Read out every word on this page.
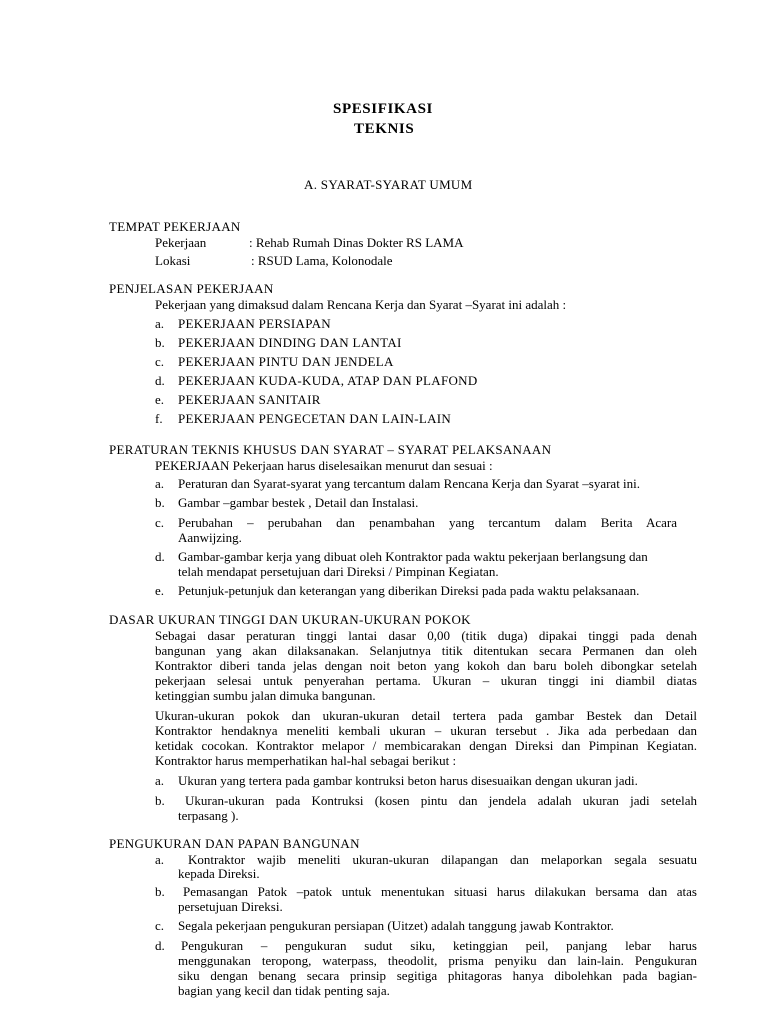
SPESIFIKASI
TEKNIS
A. SYARAT-SYARAT UMUM
TEMPAT PEKERJAAN
Pekerjaan	: Rehab Rumah Dinas Dokter RS LAMA
Lokasi	: RSUD Lama, Kolonodale
PENJELASAN PEKERJAAN
Pekerjaan yang dimaksud dalam Rencana Kerja dan Syarat –Syarat ini adalah :
a. PEKERJAAN PERSIAPAN
b. PEKERJAAN DINDING DAN LANTAI
c. PEKERJAAN PINTU DAN JENDELA
d. PEKERJAAN KUDA-KUDA, ATAP DAN PLAFOND
e. PEKERJAAN SANITAIR
f. PEKERJAAN PENGECETAN DAN LAIN-LAIN
PERATURAN TEKNIS KHUSUS DAN SYARAT – SYARAT PELAKSANAAN
PEKERJAAN Pekerjaan harus diselesaikan menurut dan sesuai :
a. Peraturan dan Syarat-syarat yang tercantum dalam Rencana Kerja dan Syarat –syarat ini.
b. Gambar –gambar bestek , Detail dan Instalasi.
c. Perubahan – perubahan dan penambahan yang tercantum dalam Berita Acara
Aanwijzing.
d. Gambar-gambar kerja yang dibuat oleh Kontraktor pada waktu pekerjaan berlangsung dan
telah mendapat persetujuan dari Direksi / Pimpinan Kegiatan.
e. Petunjuk-petunjuk dan keterangan yang diberikan Direksi pada pada waktu pelaksanaan.
DASAR UKURAN TINGGI DAN UKURAN-UKURAN POKOK
Sebagai dasar peraturan tinggi lantai dasar 0,00 (titik duga) dipakai tinggi pada denah
bangunan yang akan dilaksanakan. Selanjutnya titik ditentukan secara Permanen dan oleh
Kontraktor diberi tanda jelas dengan noit beton yang kokoh dan baru boleh dibongkar setelah
pekerjaan selesai untuk penyerahan pertama. Ukuran – ukuran tinggi ini diambil diatas
ketinggian sumbu jalan dimuka bangunan.
Ukuran-ukuran pokok dan ukuran-ukuran detail tertera pada gambar Bestek dan Detail
Kontraktor hendaknya meneliti kembali ukuran – ukuran tersebut . Jika ada perbedaan dan
ketidak cocokan. Kontraktor melapor / membicarakan dengan Direksi dan Pimpinan Kegiatan.
Kontraktor harus memperhatikan hal-hal sebagai berikut :
a. Ukuran yang tertera pada gambar kontruksi beton harus disesuaikan dengan ukuran jadi.
b. Ukuran-ukuran pada Kontruksi (kosen pintu dan jendela adalah ukuran jadi setelah
terpasang ).
PENGUKURAN DAN PAPAN BANGUNAN
a. Kontraktor wajib meneliti ukuran-ukuran dilapangan dan melaporkan segala sesuatu
kepada Direksi.
b. Pemasangan Patok –patok untuk menentukan situasi harus dilakukan bersama dan atas
persetujuan Direksi.
c. Segala pekerjaan pengukuran persiapan (Uitzet) adalah tanggung jawab Kontraktor.
d. Pengukuran – pengukuran sudut siku, ketinggian peil, panjang lebar harus
menggunakan teropong, waterpass, theodolit, prisma penyiku dan lain-lain. Pengukuran
siku dengan benang secara prinsip segitiga phitagoras hanya dibolehkan pada bagian-
bagian yang kecil dan tidak penting saja.
